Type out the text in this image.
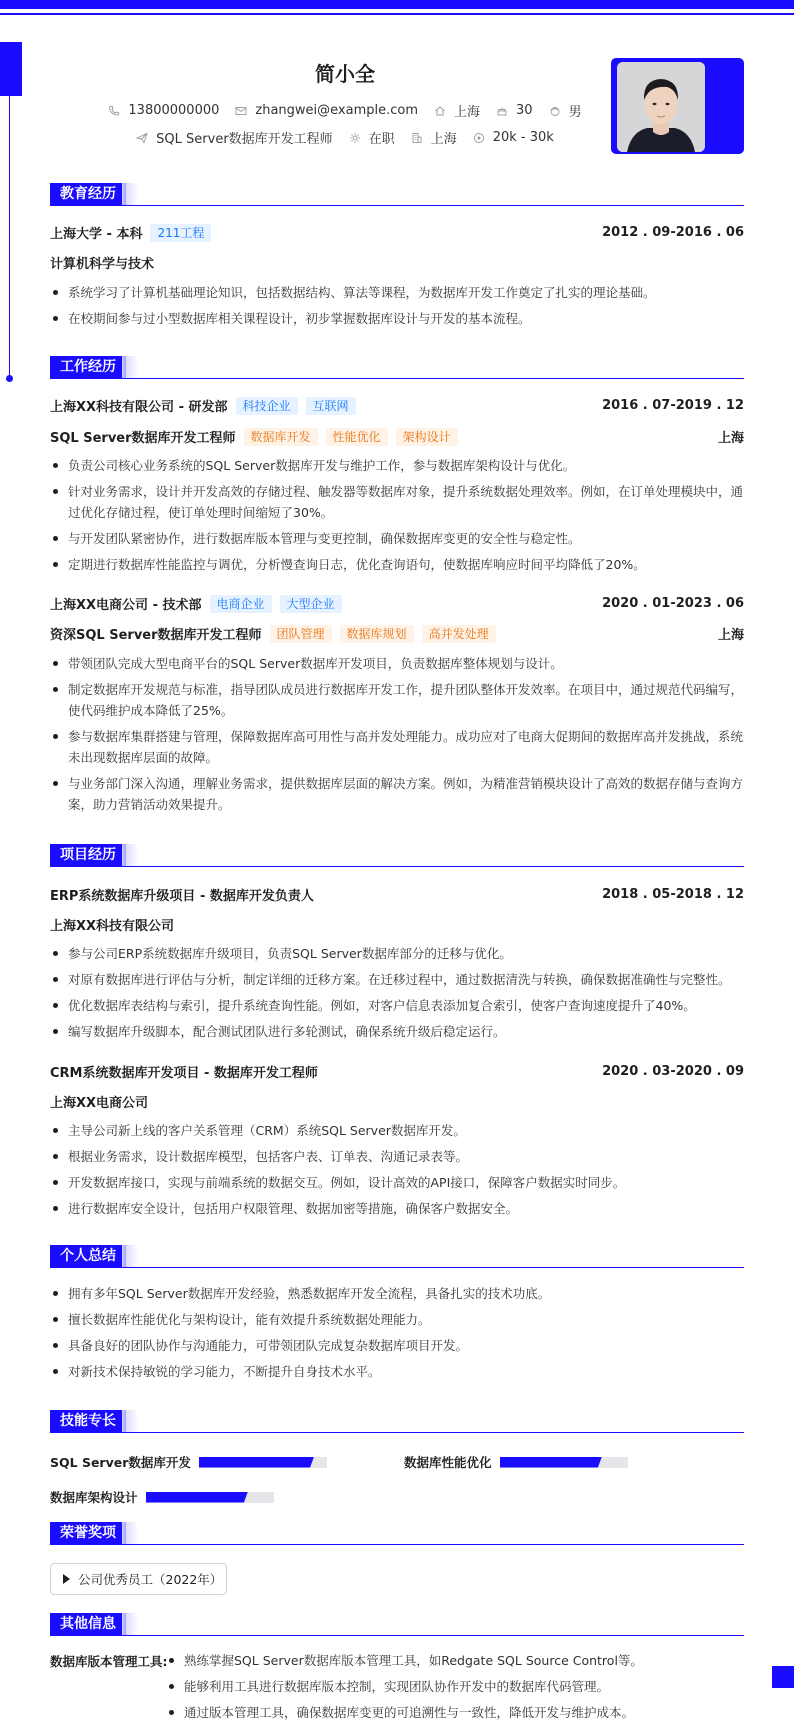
简小全
13800000000	zhangwei@example.com	上海	30	男
SQL Server数据库开发工程师	在职	上海	20k - 30k
教育经历
上海大学 - 本科	211工程	2012 . 09-2016 . 06
计算机科学与技术
系统学习了计算机基础理论知识，包括数据结构、算法等课程，为数据库开发工作奠定了扎实的理论基础。
在校期间参与过小型数据库相关课程设计，初步掌握数据库设计与开发的基本流程。
工作经历
上海XX科技有限公司 - 研发部	科技企业	互联网	2016 . 07-2019 . 12
SQL Server数据库开发工程师	数据库开发	性能优化	架构设计	上海
负责公司核心业务系统的SQL Server数据库开发与维护工作，参与数据库架构设计与优化。
针对业务需求，设计并开发高效的存储过程、触发器等数据库对象，提升系统数据处理效率。例如，在订单处理模块中，通过优化存储过程，使订单处理时间缩短了30%。
与开发团队紧密协作，进行数据库版本管理与变更控制，确保数据库变更的安全性与稳定性。
定期进行数据库性能监控与调优，分析慢查询日志，优化查询语句，使数据库响应时间平均降低了20%。
上海XX电商公司 - 技术部	电商企业	大型企业	2020 . 01-2023 . 06
资深SQL Server数据库开发工程师	团队管理	数据库规划	高并发处理	上海
带领团队完成大型电商平台的SQL Server数据库开发项目，负责数据库整体规划与设计。
制定数据库开发规范与标准，指导团队成员进行数据库开发工作，提升团队整体开发效率。在项目中，通过规范代码编写，使代码维护成本降低了25%。
参与数据库集群搭建与管理，保障数据库高可用性与高并发处理能力。成功应对了电商大促期间的数据库高并发挑战，系统未出现数据库层面的故障。
与业务部门深入沟通，理解业务需求，提供数据库层面的解决方案。例如，为精准营销模块设计了高效的数据存储与查询方案，助力营销活动效果提升。
项目经历
ERP系统数据库升级项目 - 数据库开发负责人	2018 . 05-2018 . 12
上海XX科技有限公司
参与公司ERP系统数据库升级项目，负责SQL Server数据库部分的迁移与优化。
对原有数据库进行评估与分析，制定详细的迁移方案。在迁移过程中，通过数据清洗与转换，确保数据准确性与完整性。
优化数据库表结构与索引，提升系统查询性能。例如，对客户信息表添加复合索引，使客户查询速度提升了40%。
编写数据库升级脚本，配合测试团队进行多轮测试，确保系统升级后稳定运行。
CRM系统数据库开发项目 - 数据库开发工程师	2020 . 03-2020 . 09
上海XX电商公司
主导公司新上线的客户关系管理（CRM）系统SQL Server数据库开发。
根据业务需求，设计数据库模型，包括客户表、订单表、沟通记录表等。
开发数据库接口，实现与前端系统的数据交互。例如，设计高效的API接口，保障客户数据实时同步。
进行数据库安全设计，包括用户权限管理、数据加密等措施，确保客户数据安全。
个人总结
拥有多年SQL Server数据库开发经验，熟悉数据库开发全流程，具备扎实的技术功底。
擅长数据库性能优化与架构设计，能有效提升系统数据处理能力。
具备良好的团队协作与沟通能力，可带领团队完成复杂数据库项目开发。
对新技术保持敏锐的学习能力，不断提升自身技术水平。
技能专长
SQL Server数据库开发	数据库性能优化
数据库架构设计
荣誉奖项
公司优秀员工（2022年）
其他信息
数据库版本管理工具:	熟练掌握SQL Server数据库版本管理工具，如Redgate SQL Source Control等。
能够利用工具进行数据库版本控制，实现团队协作开发中的数据库代码管理。
通过版本管理工具，确保数据库变更的可追溯性与一致性，降低开发与维护成本。
